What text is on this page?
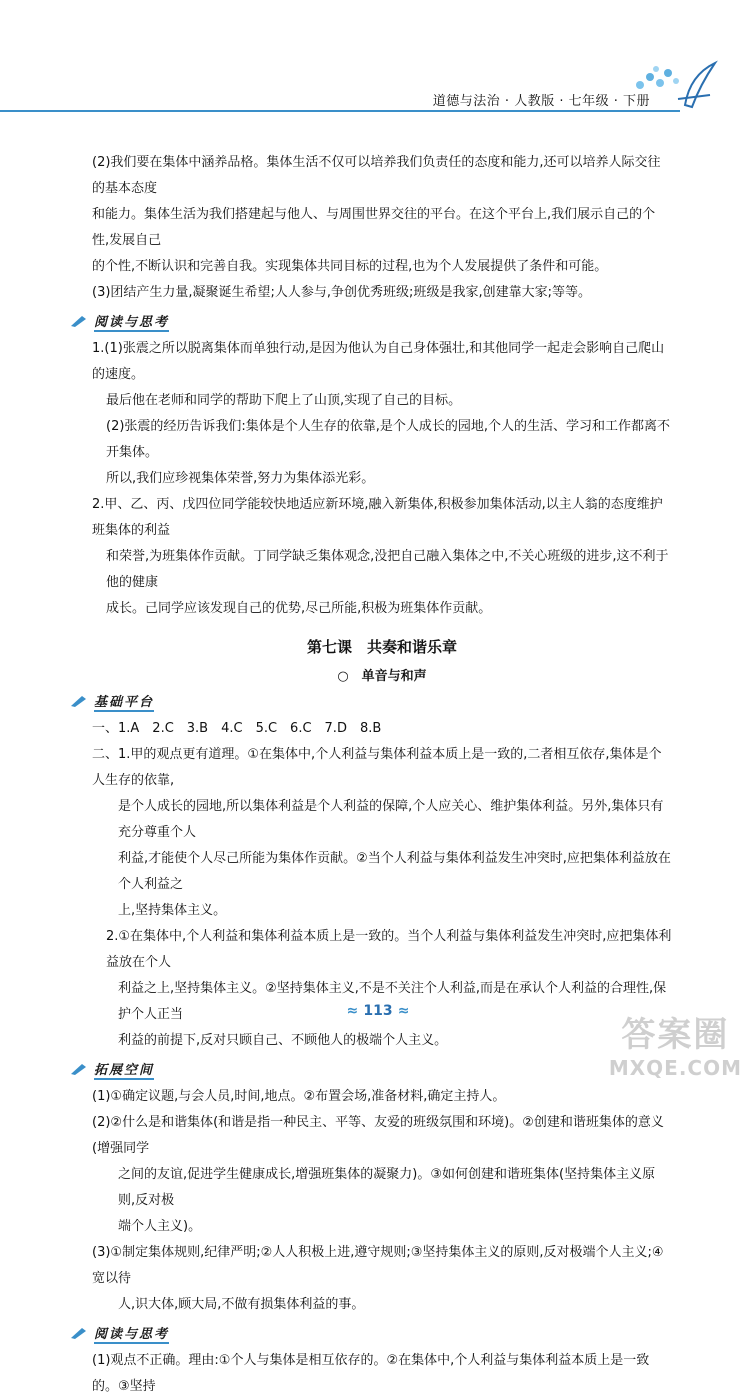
道德与法治 · 人教版 · 七年级 · 下册

(2)我们要在集体中涵养品格。集体生活不仅可以培养我们负责任的态度和能力,还可以培养人际交往的基本态度

和能力。集体生活为我们搭建起与他人、与周围世界交往的平台。在这个平台上,我们展示自己的个性,发展自己

的个性,不断认识和完善自我。实现集体共同目标的过程,也为个人发展提供了条件和可能。

(3)团结产生力量,凝聚诞生希望;人人参与,争创优秀班级;班级是我家,创建靠大家;等等。

阅读与思考

1.(1)张震之所以脱离集体而单独行动,是因为他认为自己身体强壮,和其他同学一起走会影响自己爬山的速度。

最后他在老师和同学的帮助下爬上了山顶,实现了自己的目标。

(2)张震的经历告诉我们:集体是个人生存的依靠,是个人成长的园地,个人的生活、学习和工作都离不开集体。

所以,我们应珍视集体荣誉,努力为集体添光彩。

2.甲、乙、丙、戊四位同学能较快地适应新环境,融入新集体,积极参加集体活动,以主人翁的态度维护班集体的利益

和荣誉,为班集体作贡献。丁同学缺乏集体观念,没把自己融入集体之中,不关心班级的进步,这不利于他的健康

成长。己同学应该发现自己的优势,尽己所能,积极为班集体作贡献。

第七课　共奏和谐乐章
○　单音与和声
基础平台

一、1.A　2.C　3.B　4.C　5.C　6.C　7.D　8.B

二、1.甲的观点更有道理。①在集体中,个人利益与集体利益本质上是一致的,二者相互依存,集体是个人生存的依靠,

是个人成长的园地,所以集体利益是个人利益的保障,个人应关心、维护集体利益。另外,集体只有充分尊重个人

利益,才能使个人尽己所能为集体作贡献。②当个人利益与集体利益发生冲突时,应把集体利益放在个人利益之

上,坚持集体主义。

2.①在集体中,个人利益和集体利益本质上是一致的。当个人利益与集体利益发生冲突时,应把集体利益放在个人

利益之上,坚持集体主义。②坚持集体主义,不是不关注个人利益,而是在承认个人利益的合理性,保护个人正当

利益的前提下,反对只顾自己、不顾他人的极端个人主义。

拓展空间

(1)①确定议题,与会人员,时间,地点。②布置会场,准备材料,确定主持人。

(2)②什么是和谐集体(和谐是指一种民主、平等、友爱的班级氛围和环境)。②创建和谐班集体的意义(增强同学

之间的友谊,促进学生健康成长,增强班集体的凝聚力)。③如何创建和谐班集体(坚持集体主义原则,反对极

端个人主义)。

(3)①制定集体规则,纪律严明;②人人积极上进,遵守规则;③坚持集体主义的原则,反对极端个人主义;④宽以待

人,识大体,顾大局,不做有损集体利益的事。

阅读与思考

(1)观点不正确。理由:①个人与集体是相互依存的。②在集体中,个人利益与集体利益本质上是一致的。③坚持

≈ 113 ≈
答案圈
MXQE.COM
